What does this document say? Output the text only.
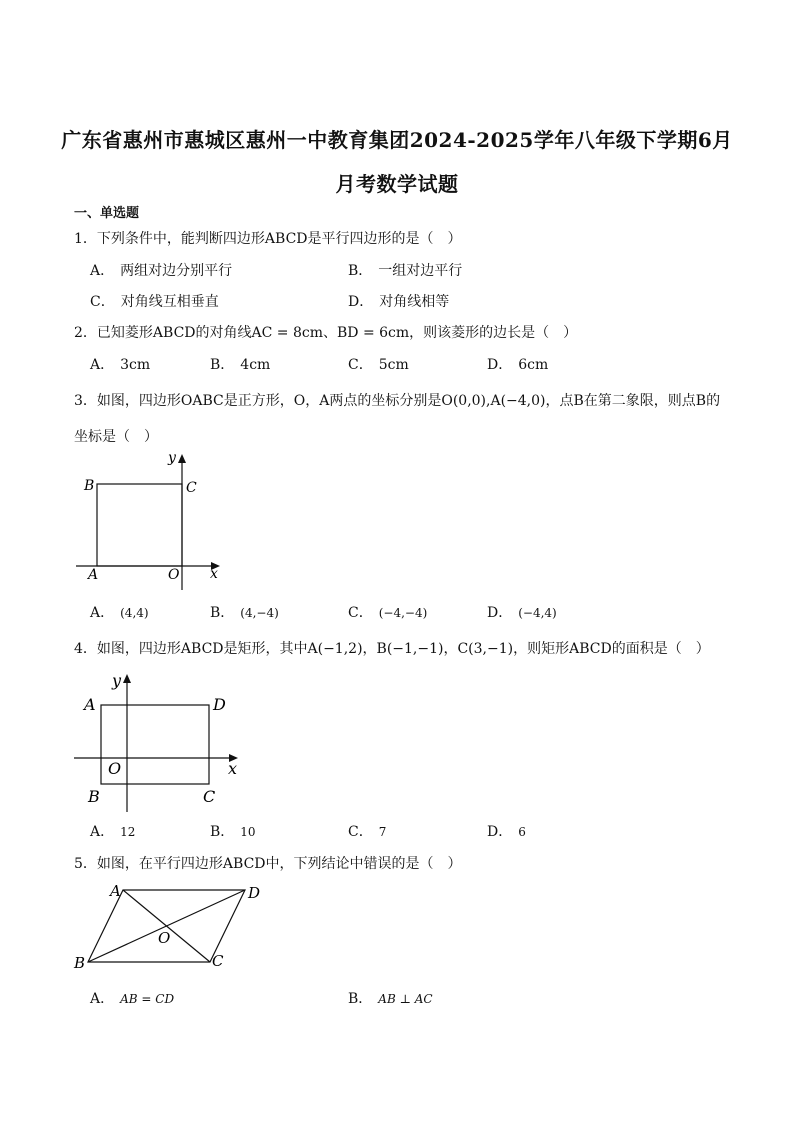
广东省惠州市惠城区惠州一中教育集团2024-2025学年八年级下学期6月
月考数学试题
一、单选题
1．下列条件中，能判断四边形ABCD是平行四边形的是（　）
A． 两组对边分别平行	B． 一组对边平行
C． 对角线互相垂直	D． 对角线相等
2．已知菱形ABCD的对角线AC = 8cm、BD = 6cm，则该菱形的边长是（　）
A． 3cm	B． 4cm	C． 5cm	D． 6cm
3．如图，四边形OABC是正方形，O，A两点的坐标分别是O(0,0),A(−4,0)，点B在第二象限，则点B的
坐标是（　）
y
x
B	C
A	O
A． (4,4)	B． (4,−4)	C． (−4,−4)	D． (−4,4)
4．如图，四边形ABCD是矩形，其中A(−1,2)，B(−1,−1)，C(3,−1)，则矩形ABCD的面积是（　）
y
x
A	D
O
B	C
A． 12	B． 10	C． 7	D． 6
5．如图，在平行四边形ABCD中，下列结论中错误的是（　）
A	D
O
B	C
A． AB = CD	B． AB ⊥ AC
